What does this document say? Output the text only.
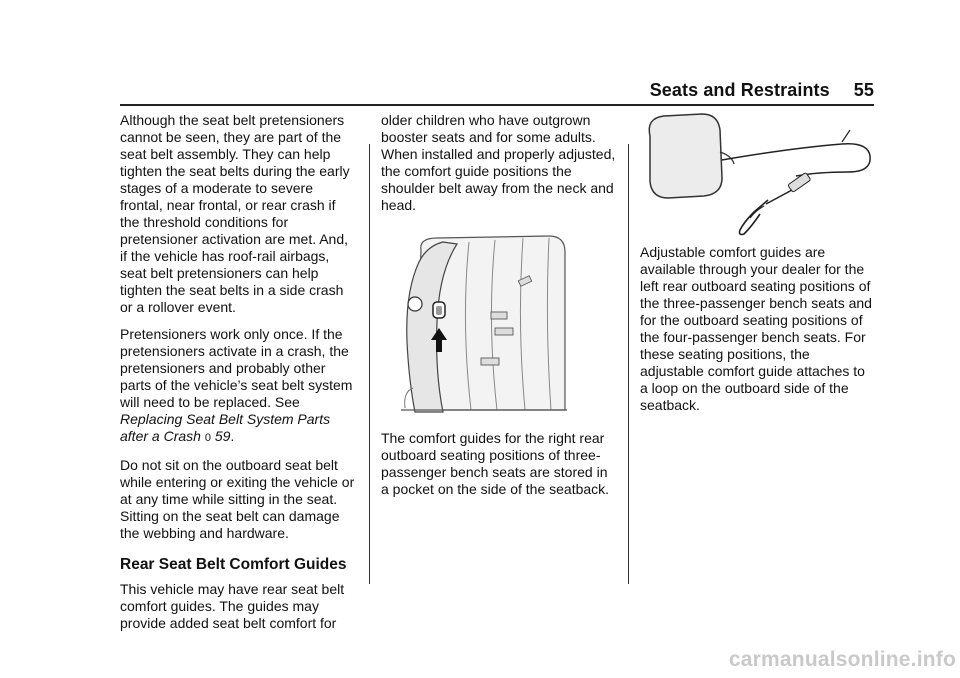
Seats and Restraints 55

Although the seat belt pretensioners cannot be seen, they are part of the seat belt assembly. They can help tighten the seat belts during the early stages of a moderate to severe frontal, near frontal, or rear crash if the threshold conditions for pretensioner activation are met. And, if the vehicle has roof-rail airbags, seat belt pretensioners can help tighten the seat belts in a side crash or a rollover event.

Pretensioners work only once. If the pretensioners activate in a crash, the pretensioners and probably other parts of the vehicle’s seat belt system will need to be replaced. See Replacing Seat Belt System Parts after a Crash 0 59.

Do not sit on the outboard seat belt while entering or exiting the vehicle or at any time while sitting in the seat. Sitting on the seat belt can damage the webbing and hardware.

Rear Seat Belt Comfort Guides

This vehicle may have rear seat belt comfort guides. The guides may provide added seat belt comfort for

older children who have outgrown booster seats and for some adults. When installed and properly adjusted, the comfort guide positions the shoulder belt away from the neck and head.

The comfort guides for the right rear outboard seating positions of three-passenger bench seats are stored in a pocket on the side of the seatback.

Adjustable comfort guides are available through your dealer for the left rear outboard seating positions of the three-passenger bench seats and for the outboard seating positions of the four-passenger bench seats. For these seating positions, the adjustable comfort guide attaches to a loop on the outboard side of the seatback.

carmanualsonline.info
